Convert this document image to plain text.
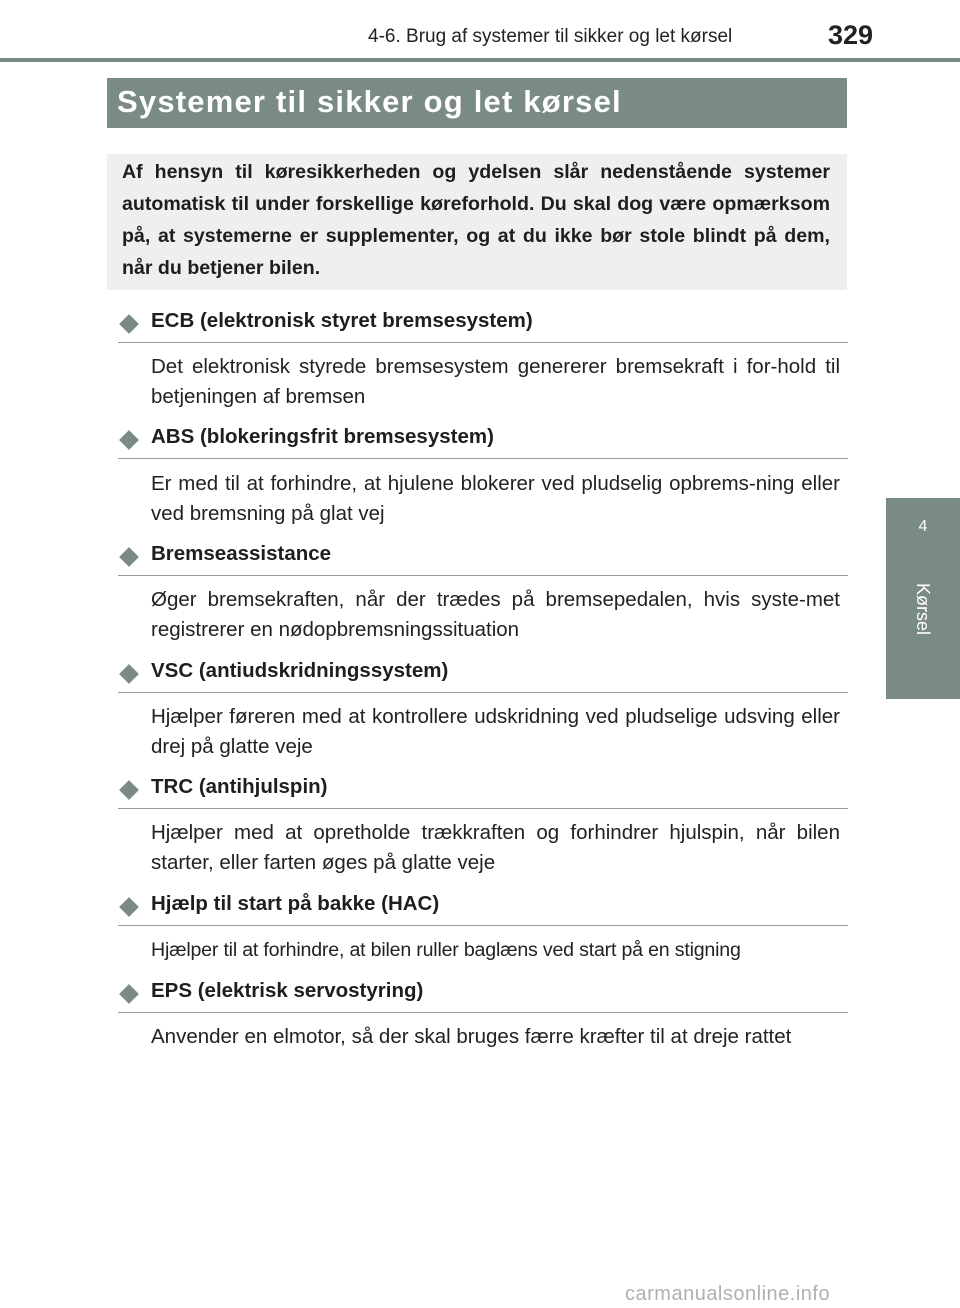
4-6. Brug af systemer til sikker og let kørsel	329
Systemer til sikker og let kørsel
Af hensyn til køresikkerheden og ydelsen slår nedenstående systemer automatisk til under forskellige køreforhold. Du skal dog være opmærksom på, at systemerne er supplementer, og at du ikke bør stole blindt på dem, når du betjener bilen.
4
Kørsel
ECB (elektronisk styret bremsesystem)
Det elektronisk styrede bremsesystem genererer bremsekraft i for-hold til betjeningen af bremsen
ABS (blokeringsfrit bremsesystem)
Er med til at forhindre, at hjulene blokerer ved pludselig opbrems-ning eller ved bremsning på glat vej
Bremseassistance
Øger bremsekraften, når der trædes på bremsepedalen, hvis syste-met registrerer en nødopbremsningssituation
VSC (antiudskridningssystem)
Hjælper føreren med at kontrollere udskridning ved pludselige udsving eller drej på glatte veje
TRC (antihjulspin)
Hjælper med at opretholde trækkraften og forhindrer hjulspin, når bilen starter, eller farten øges på glatte veje
Hjælp til start på bakke (HAC)
Hjælper til at forhindre, at bilen ruller baglæns ved start på en stigning
EPS (elektrisk servostyring)
Anvender en elmotor, så der skal bruges færre kræfter til at dreje rattet
carmanualsonline.info
